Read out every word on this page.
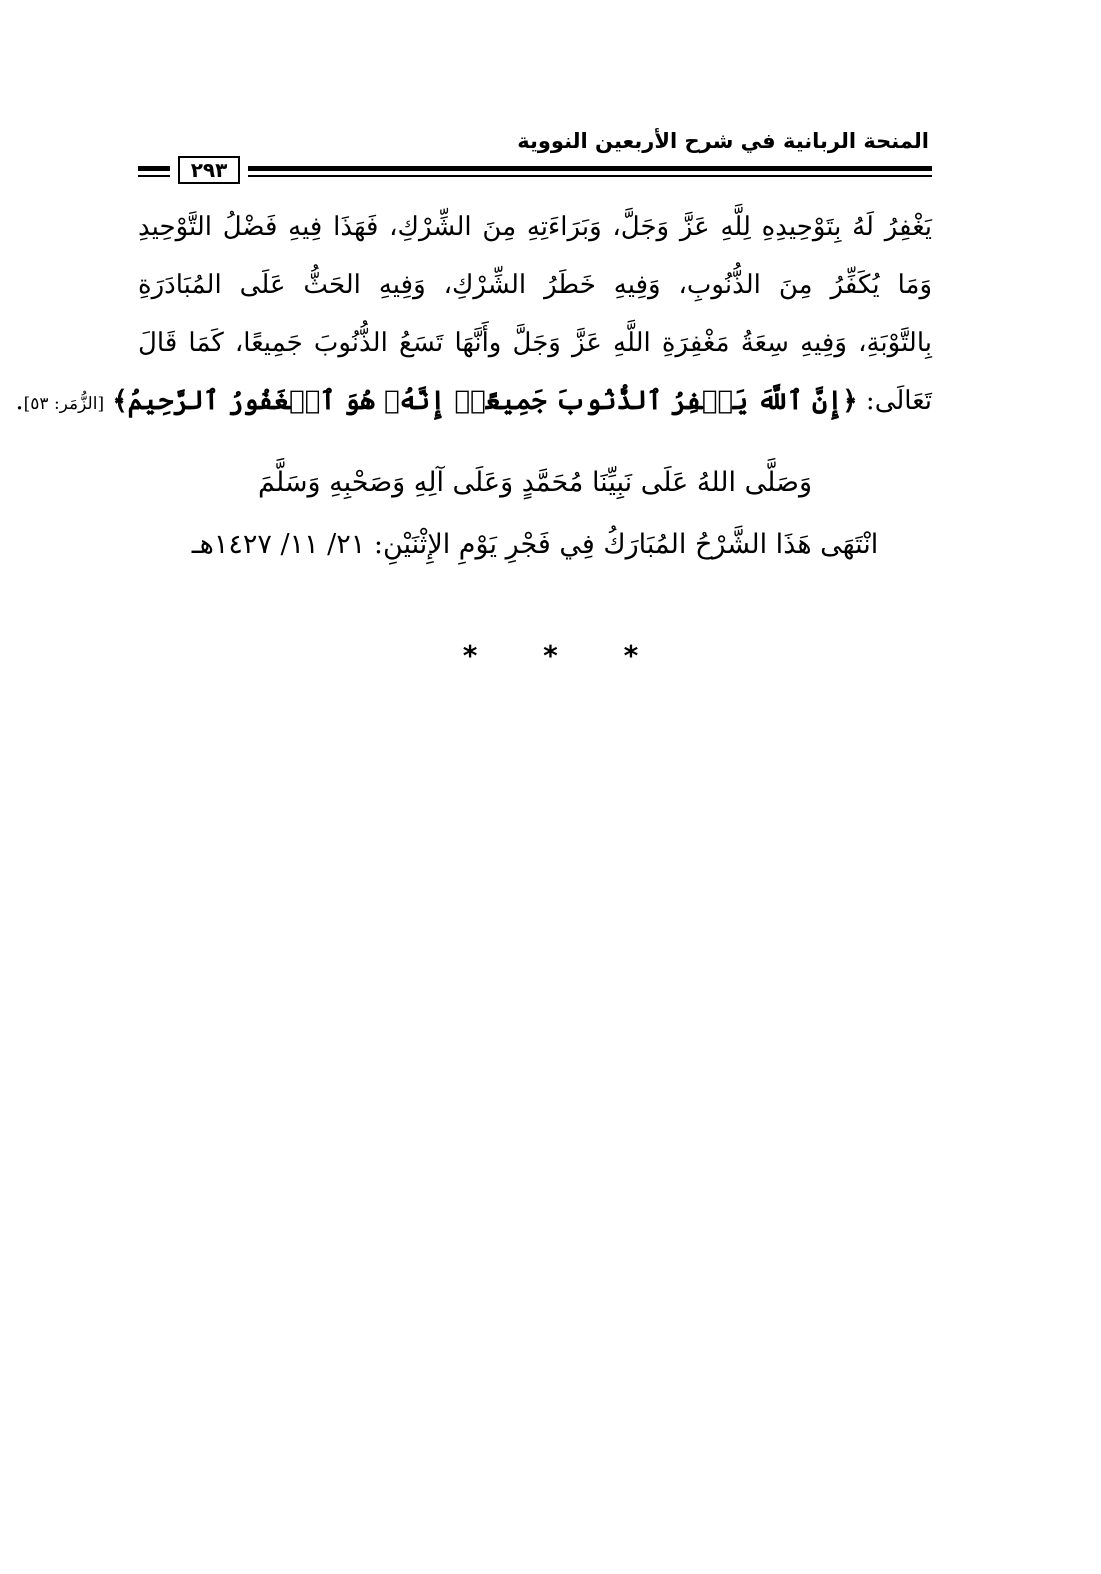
المنحة الربانية في شرح الأربعين النووية
٢٩٣
يَغْفِرُ لَهُ بِتَوْحِيدِهِ لِلَّهِ عَزَّ وَجَلَّ، وَبَرَاءَتِهِ مِنَ الشِّرْكِ، فَهَذَا فِيهِ فَضْلُ التَّوْحِيدِ
وَمَا يُكَفِّرُ مِنَ الذُّنُوبِ، وَفِيهِ خَطَرُ الشِّرْكِ، وَفِيهِ الحَثُّ عَلَى المُبَادَرَةِ
بِالتَّوْبَةِ، وَفِيهِ سِعَةُ مَغْفِرَةِ اللَّهِ عَزَّ وَجَلَّ وأَنَّهَا تَسَعُ الذُّنُوبَ جَمِيعًا، كَمَا قَالَ
تَعَالَى: ﴿إِنَّ ٱللَّهَ يَغۡفِرُ ٱلذُّنُوبَ جَمِيعًاۚ إِنَّهُۥ هُوَ ٱلۡغَفُورُ ٱلرَّحِيمُ﴾ [الزُّمَر: ٥٣].
وَصَلَّى اللهُ عَلَى نَبِيِّنَا مُحَمَّدٍ وَعَلَى آلِهِ وَصَحْبِهِ وَسَلَّمَ
انْتَهَى هَذَا الشَّرْحُ المُبَارَكُ فِي فَجْرِ يَوْمِ الإِثْنَيْنِ: ٢١/ ١١/ ١٤٢٧هـ
* * *
